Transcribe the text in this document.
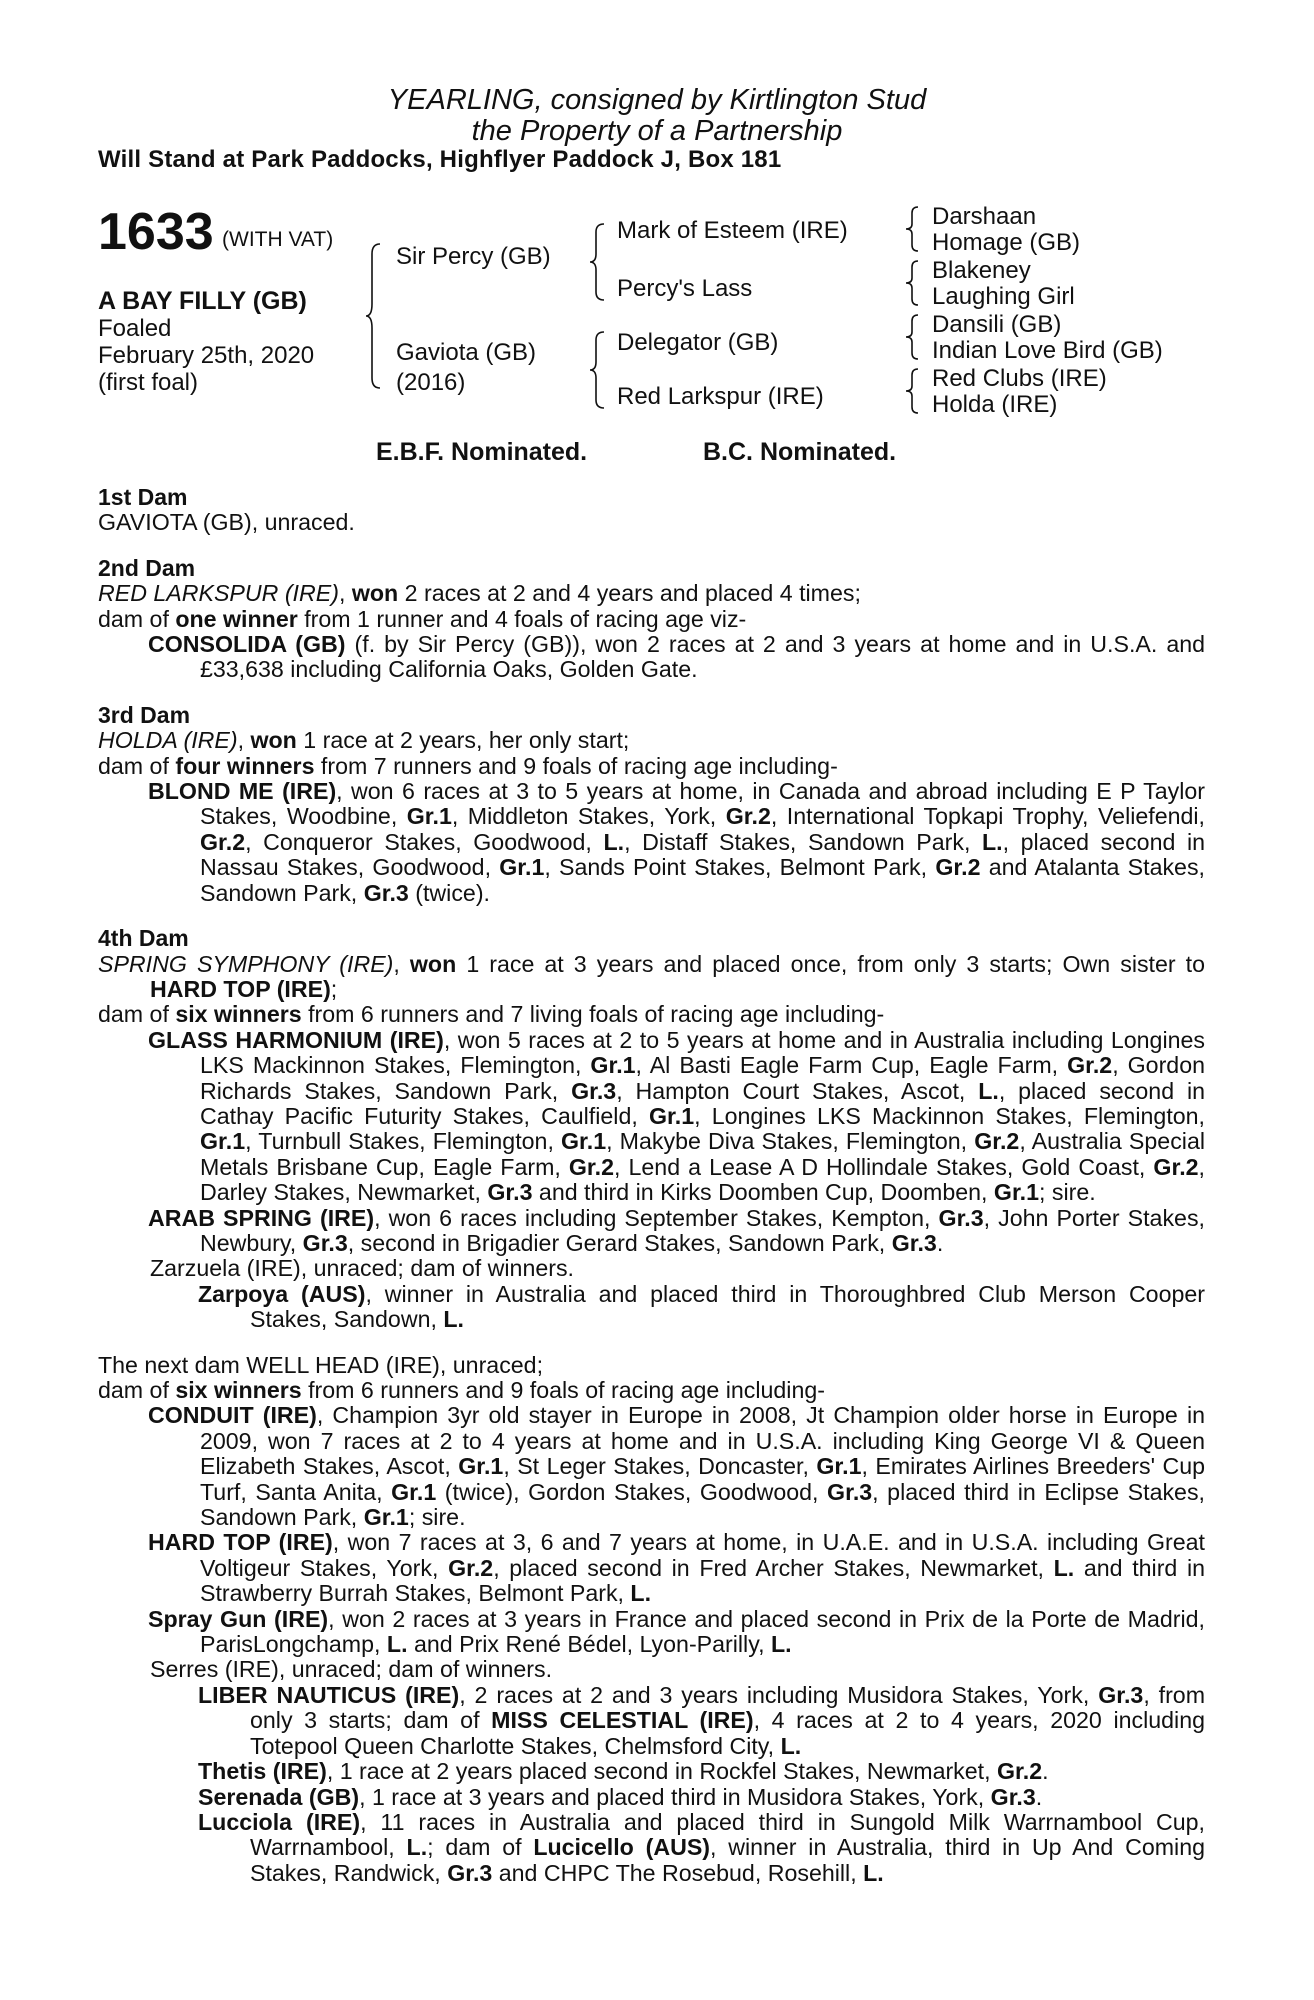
YEARLING, consigned by Kirtlington Stud
the Property of a Partnership
Will Stand at Park Paddocks, Highflyer Paddock J, Box 181
1633 (WITH VAT)
A BAY FILLY (GB)
Foaled
February 25th, 2020
(first foal)
Sir Percy (GB)
Gaviota (GB)
(2016)
Mark of Esteem (IRE)
Percy's Lass
Delegator (GB)
Red Larkspur (IRE)
Darshaan
Homage (GB)
Blakeney
Laughing Girl
Dansili (GB)
Indian Love Bird (GB)
Red Clubs (IRE)
Holda (IRE)
E.B.F. Nominated.	B.C. Nominated.
1st Dam
GAVIOTA (GB), unraced.
2nd Dam
RED LARKSPUR (IRE), won 2 races at 2 and 4 years and placed 4 times;
dam of one winner from 1 runner and 4 foals of racing age viz-
CONSOLIDA (GB) (f. by Sir Percy (GB)), won 2 races at 2 and 3 years at home and in U.S.A. and £33,638 including California Oaks, Golden Gate.
3rd Dam
HOLDA (IRE), won 1 race at 2 years, her only start;
dam of four winners from 7 runners and 9 foals of racing age including-
BLOND ME (IRE), won 6 races at 3 to 5 years at home, in Canada and abroad including E P Taylor Stakes, Woodbine, Gr.1, Middleton Stakes, York, Gr.2, International Topkapi Trophy, Veliefendi, Gr.2, Conqueror Stakes, Goodwood, L., Distaff Stakes, Sandown Park, L., placed second in Nassau Stakes, Goodwood, Gr.1, Sands Point Stakes, Belmont Park, Gr.2 and Atalanta Stakes, Sandown Park, Gr.3 (twice).
4th Dam
SPRING SYMPHONY (IRE), won 1 race at 3 years and placed once, from only 3 starts; Own sister to HARD TOP (IRE);
dam of six winners from 6 runners and 7 living foals of racing age including-
GLASS HARMONIUM (IRE), won 5 races at 2 to 5 years at home and in Australia including Longines LKS Mackinnon Stakes, Flemington, Gr.1, Al Basti Eagle Farm Cup, Eagle Farm, Gr.2, Gordon Richards Stakes, Sandown Park, Gr.3, Hampton Court Stakes, Ascot, L., placed second in Cathay Pacific Futurity Stakes, Caulfield, Gr.1, Longines LKS Mackinnon Stakes, Flemington, Gr.1, Turnbull Stakes, Flemington, Gr.1, Makybe Diva Stakes, Flemington, Gr.2, Australia Special Metals Brisbane Cup, Eagle Farm, Gr.2, Lend a Lease A D Hollindale Stakes, Gold Coast, Gr.2, Darley Stakes, Newmarket, Gr.3 and third in Kirks Doomben Cup, Doomben, Gr.1; sire.
ARAB SPRING (IRE), won 6 races including September Stakes, Kempton, Gr.3, John Porter Stakes, Newbury, Gr.3, second in Brigadier Gerard Stakes, Sandown Park, Gr.3.
Zarzuela (IRE), unraced; dam of winners.
Zarpoya (AUS), winner in Australia and placed third in Thoroughbred Club Merson Cooper Stakes, Sandown, L.
The next dam WELL HEAD (IRE), unraced;
dam of six winners from 6 runners and 9 foals of racing age including-
CONDUIT (IRE), Champion 3yr old stayer in Europe in 2008, Jt Champion older horse in Europe in 2009, won 7 races at 2 to 4 years at home and in U.S.A. including King George VI & Queen Elizabeth Stakes, Ascot, Gr.1, St Leger Stakes, Doncaster, Gr.1, Emirates Airlines Breeders' Cup Turf, Santa Anita, Gr.1 (twice), Gordon Stakes, Goodwood, Gr.3, placed third in Eclipse Stakes, Sandown Park, Gr.1; sire.
HARD TOP (IRE), won 7 races at 3, 6 and 7 years at home, in U.A.E. and in U.S.A. including Great Voltigeur Stakes, York, Gr.2, placed second in Fred Archer Stakes, Newmarket, L. and third in Strawberry Burrah Stakes, Belmont Park, L.
Spray Gun (IRE), won 2 races at 3 years in France and placed second in Prix de la Porte de Madrid, ParisLongchamp, L. and Prix René Bédel, Lyon-Parilly, L.
Serres (IRE), unraced; dam of winners.
LIBER NAUTICUS (IRE), 2 races at 2 and 3 years including Musidora Stakes, York, Gr.3, from only 3 starts; dam of MISS CELESTIAL (IRE), 4 races at 2 to 4 years, 2020 including Totepool Queen Charlotte Stakes, Chelmsford City, L.
Thetis (IRE), 1 race at 2 years placed second in Rockfel Stakes, Newmarket, Gr.2.
Serenada (GB), 1 race at 3 years and placed third in Musidora Stakes, York, Gr.3.
Lucciola (IRE), 11 races in Australia and placed third in Sungold Milk Warrnambool Cup, Warrnambool, L.; dam of Lucicello (AUS), winner in Australia, third in Up And Coming Stakes, Randwick, Gr.3 and CHPC The Rosebud, Rosehill, L.
